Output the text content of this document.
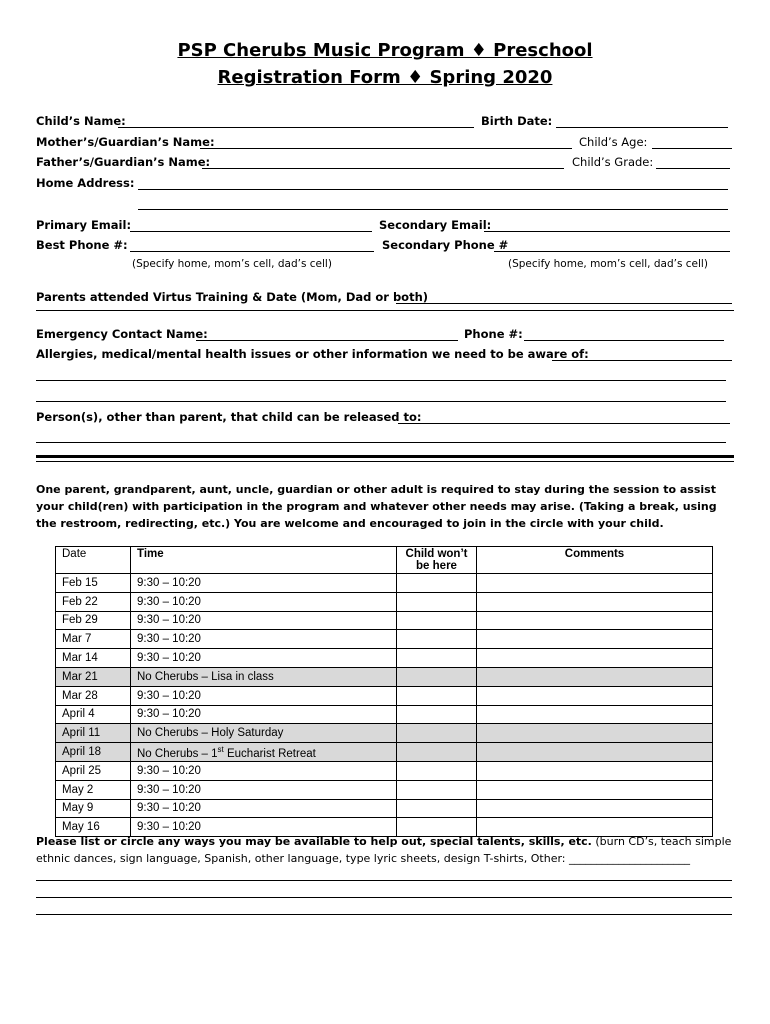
PSP Cherubs Music Program ♦ Preschool
Registration Form ♦ Spring 2020
Child’s Name:	Birth Date:
Mother’s/Guardian’s Name:	Child’s Age:
Father’s/Guardian’s Name:	Child’s Grade:
Home Address:
Primary Email:	Secondary Email:
Best Phone #:	Secondary Phone #
(Specify home, mom’s cell, dad’s cell)	(Specify home, mom’s cell, dad’s cell)
Parents attended Virtus Training & Date (Mom, Dad or both)
Emergency Contact Name:	Phone #:
Allergies, medical/mental health issues or other information we need to be aware of:
Person(s), other than parent, that child can be released to:
One parent, grandparent, aunt, uncle, guardian or other adult is required to stay during the session to assist your child(ren) with participation in the program and whatever other needs may arise. (Taking a break, using the restroom, redirecting, etc.) You are welcome and encouraged to join in the circle with your child.
Date	Time	Child won’t be here	Comments
Feb 15	9:30 – 10:20		
Feb 22	9:30 – 10:20		
Feb 29	9:30 – 10:20		
Mar 7	9:30 – 10:20		
Mar 14	9:30 – 10:20		
Mar 21	No Cherubs – Lisa in class		
Mar 28	9:30 – 10:20		
April 4	9:30 – 10:20		
April 11	No Cherubs – Holy Saturday		
April 18	No Cherubs – 1st Eucharist Retreat		
April 25	9:30 – 10:20		
May 2	9:30 – 10:20		
May 9	9:30 – 10:20		
May 16	9:30 – 10:20		
Please list or circle any ways you may be available to help out, special talents, skills, etc. (burn CD’s, teach simple ethnic dances, sign language, Spanish, other language, type lyric sheets, design T-shirts, Other: ______________________
